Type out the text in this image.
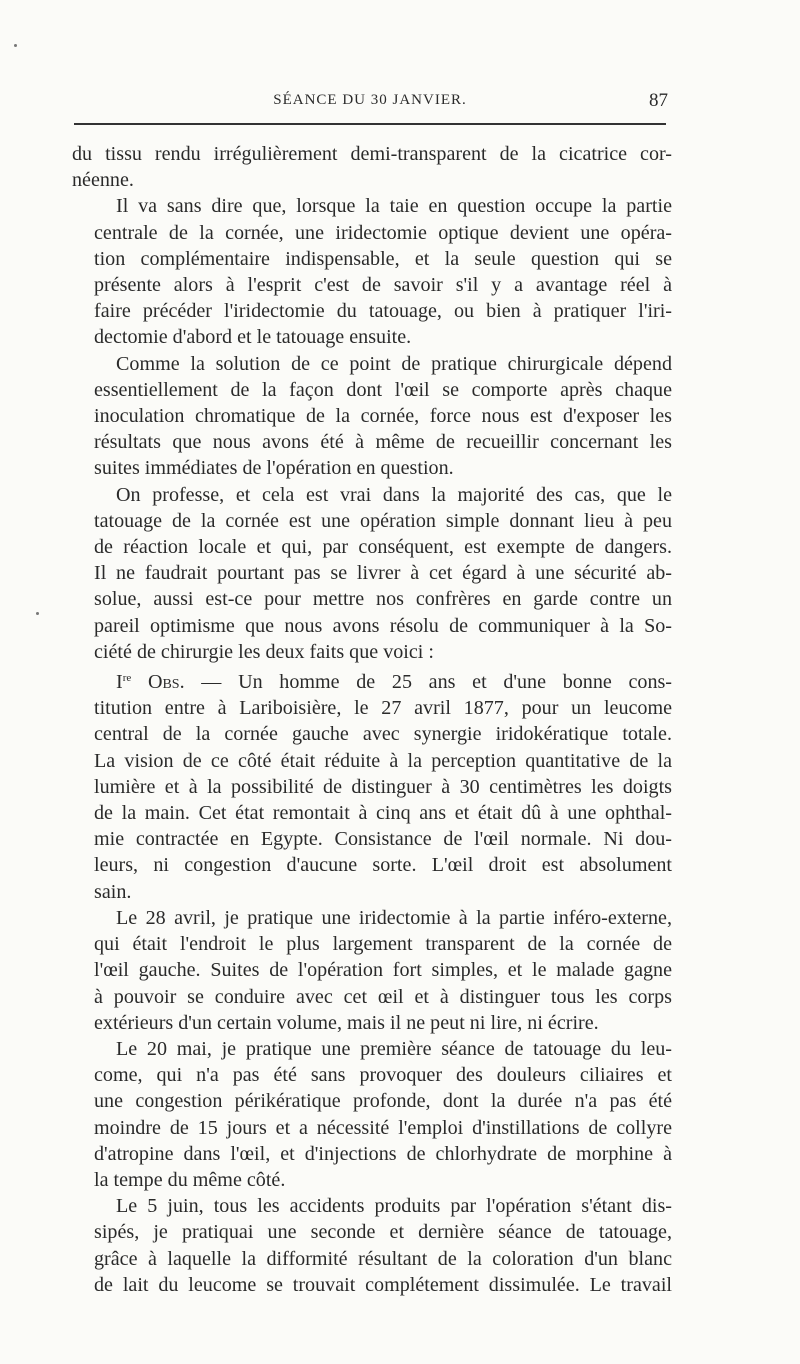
SÉANCE DU 30 JANVIER.	87

du tissu rendu irrégulièrement demi-transparent de la cicatrice cor-
néenne.

Il va sans dire que, lorsque la taie en question occupe la partie
centrale de la cornée, une iridectomie optique devient une opéra-
tion complémentaire indispensable, et la seule question qui se
présente alors à l'esprit c'est de savoir s'il y a avantage réel à
faire précéder l'iridectomie du tatouage, ou bien à pratiquer l'iri-
dectomie d'abord et le tatouage ensuite.

Comme la solution de ce point de pratique chirurgicale dépend
essentiellement de la façon dont l'œil se comporte après chaque
inoculation chromatique de la cornée, force nous est d'exposer les
résultats que nous avons été à même de recueillir concernant les
suites immédiates de l'opération en question.

On professe, et cela est vrai dans la majorité des cas, que le
tatouage de la cornée est une opération simple donnant lieu à peu
de réaction locale et qui, par conséquent, est exempte de dangers.
Il ne faudrait pourtant pas se livrer à cet égard à une sécurité ab-
solue, aussi est-ce pour mettre nos confrères en garde contre un
pareil optimisme que nous avons résolu de communiquer à la So-
ciété de chirurgie les deux faits que voici :

Ire Obs. — Un homme de 25 ans et d'une bonne cons-
titution entre à Lariboisière, le 27 avril 1877, pour un leucome
central de la cornée gauche avec synergie iridokératique totale.
La vision de ce côté était réduite à la perception quantitative de la
lumière et à la possibilité de distinguer à 30 centimètres les doigts
de la main. Cet état remontait à cinq ans et était dû à une ophthal-
mie contractée en Egypte. Consistance de l'œil normale. Ni dou-
leurs, ni congestion d'aucune sorte. L'œil droit est absolument
sain.

Le 28 avril, je pratique une iridectomie à la partie inféro-externe,
qui était l'endroit le plus largement transparent de la cornée de
l'œil gauche. Suites de l'opération fort simples, et le malade gagne
à pouvoir se conduire avec cet œil et à distinguer tous les corps
extérieurs d'un certain volume, mais il ne peut ni lire, ni écrire.

Le 20 mai, je pratique une première séance de tatouage du leu-
come, qui n'a pas été sans provoquer des douleurs ciliaires et
une congestion périkératique profonde, dont la durée n'a pas été
moindre de 15 jours et a nécessité l'emploi d'instillations de collyre
d'atropine dans l'œil, et d'injections de chlorhydrate de morphine à
la tempe du même côté.

Le 5 juin, tous les accidents produits par l'opération s'étant dis-
sipés, je pratiquai une seconde et dernière séance de tatouage,
grâce à laquelle la difformité résultant de la coloration d'un blanc
de lait du leucome se trouvait complétement dissimulée. Le travail
